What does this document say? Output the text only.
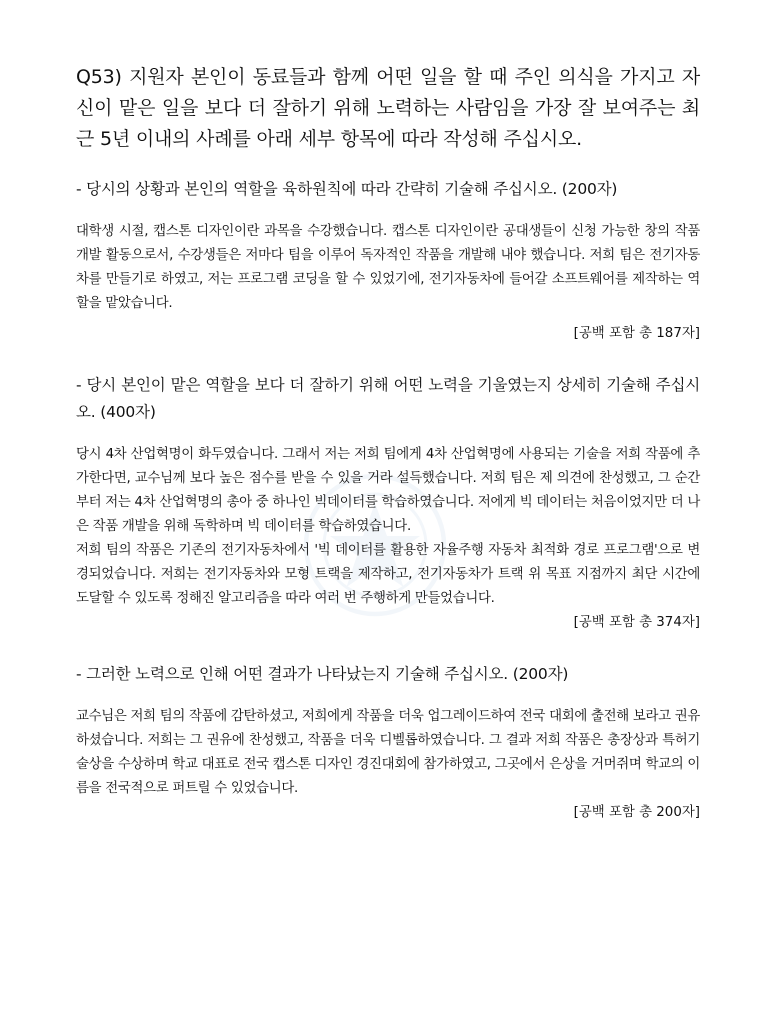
Q53) 지원자 본인이 동료들과 함께 어떤 일을 할 때 주인 의식을 가지고 자신이 맡은 일을 보다 더 잘하기 위해 노력하는 사람임을 가장 잘 보여주는 최근 5년 이내의 사례를 아래 세부 항목에 따라 작성해 주십시오.

- 당시의 상황과 본인의 역할을 육하원칙에 따라 간략히 기술해 주십시오. (200자)

대학생 시절, 캡스톤 디자인이란 과목을 수강했습니다. 캡스톤 디자인이란 공대생들이 신청 가능한 창의 작품 개발 활동으로서, 수강생들은 저마다 팀을 이루어 독자적인 작품을 개발해 내야 했습니다. 저희 팀은 전기자동차를 만들기로 하였고, 저는 프로그램 코딩을 할 수 있었기에, 전기자동차에 들어갈 소프트웨어를 제작하는 역할을 맡았습니다.

[공백 포함 총 187자]

- 당시 본인이 맡은 역할을 보다 더 잘하기 위해 어떤 노력을 기울였는지 상세히 기술해 주십시오. (400자)

당시 4차 산업혁명이 화두였습니다. 그래서 저는 저희 팀에게 4차 산업혁명에 사용되는 기술을 저희 작품에 추가한다면, 교수님께 보다 높은 점수를 받을 수 있을 거라 설득했습니다. 저희 팀은 제 의견에 찬성했고, 그 순간부터 저는 4차 산업혁명의 총아 중 하나인 빅데이터를 학습하였습니다. 저에게 빅 데이터는 처음이었지만 더 나은 작품 개발을 위해 독학하며 빅 데이터를 학습하였습니다.

저희 팀의 작품은 기존의 전기자동차에서 '빅 데이터를 활용한 자율주행 자동차 최적화 경로 프로그램'으로 변경되었습니다. 저희는 전기자동차와 모형 트랙을 제작하고, 전기자동차가 트랙 위 목표 지점까지 최단 시간에 도달할 수 있도록 정해진 알고리즘을 따라 여러 번 주행하게 만들었습니다.

[공백 포함 총 374자]

- 그러한 노력으로 인해 어떤 결과가 나타났는지 기술해 주십시오. (200자)

교수님은 저희 팀의 작품에 감탄하셨고, 저희에게 작품을 더욱 업그레이드하여 전국 대회에 출전해 보라고 권유하셨습니다. 저희는 그 권유에 찬성했고, 작품을 더욱 디벨롭하였습니다. 그 결과 저희 작품은 총장상과 특허기술상을 수상하며 학교 대표로 전국 캡스톤 디자인 경진대회에 참가하였고, 그곳에서 은상을 거머쥐며 학교의 이름을 전국적으로 퍼트릴 수 있었습니다.

[공백 포함 총 200자]
